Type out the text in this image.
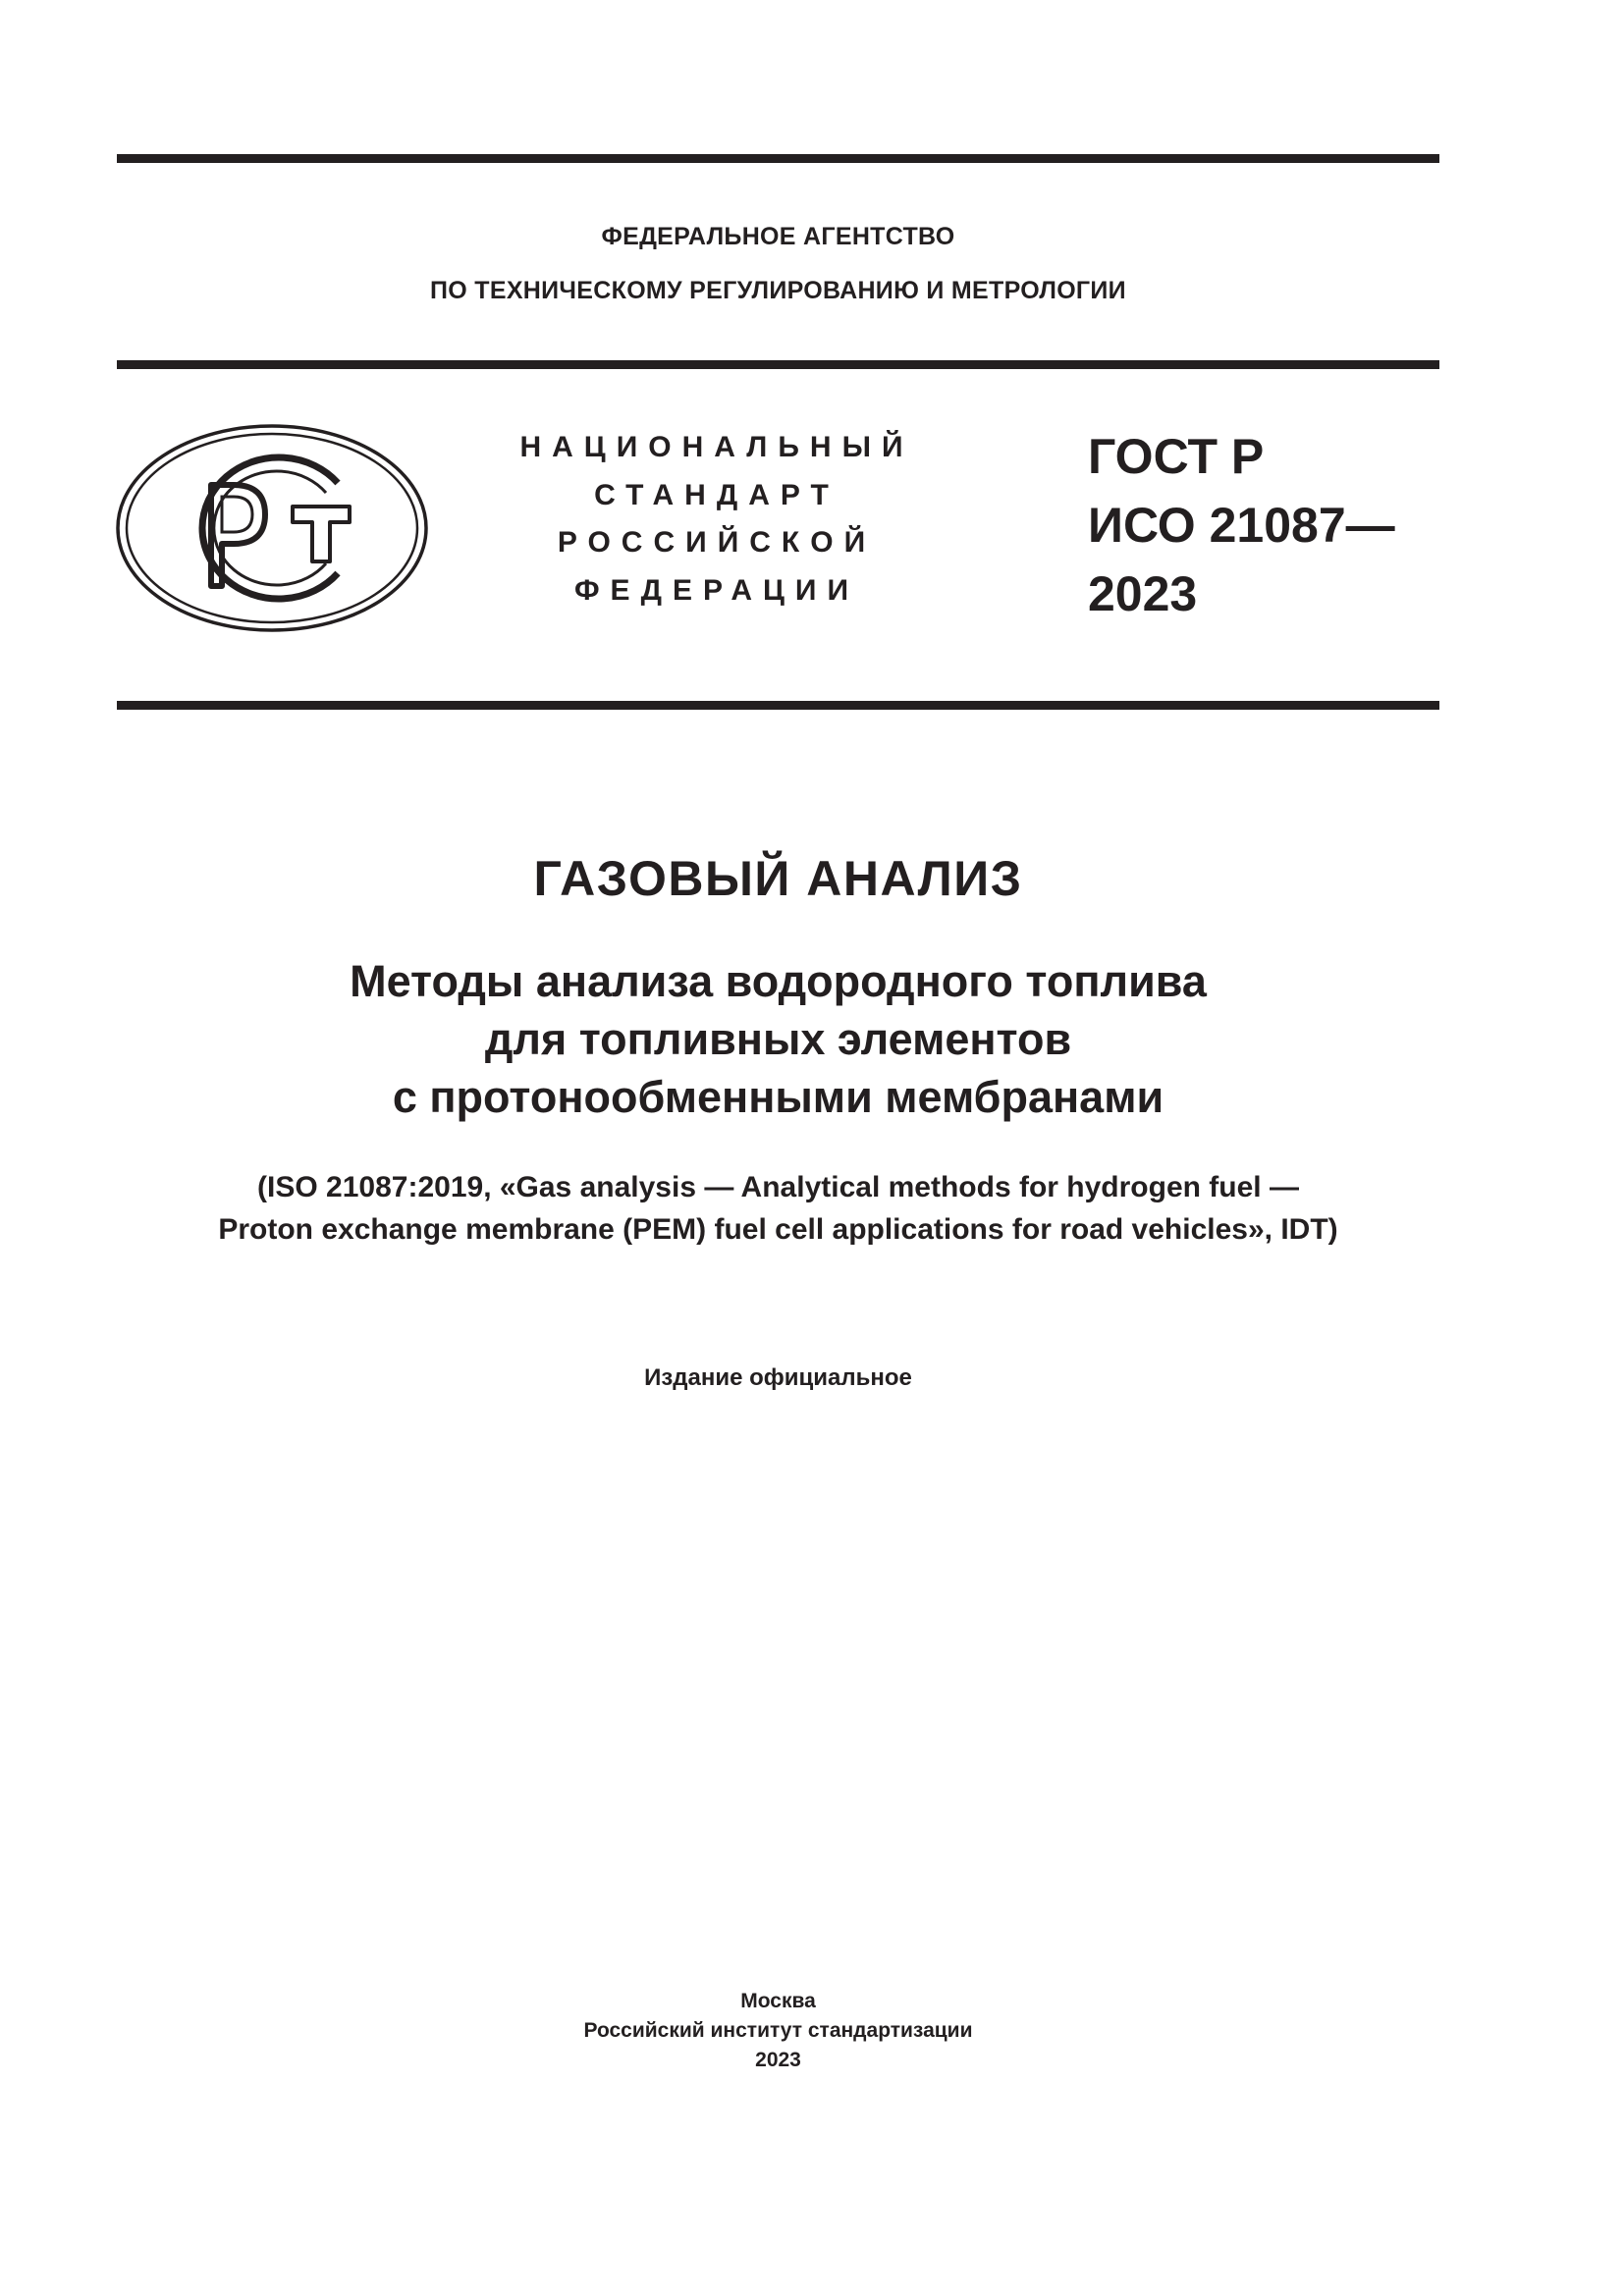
ФЕДЕРАЛЬНОЕ АГЕНТСТВО
ПО ТЕХНИЧЕСКОМУ РЕГУЛИРОВАНИЮ И МЕТРОЛОГИИ
НАЦИОНАЛЬНЫЙ
СТАНДАРТ
РОССИЙСКОЙ
ФЕДЕРАЦИИ
ГОСТ Р
ИСО 21087—
2023
ГАЗОВЫЙ АНАЛИЗ
Методы анализа водородного топлива
для топливных элементов
с протонообменными мембранами
(ISO 21087:2019, «Gas analysis — Analytical methods for hydrogen fuel —
Proton exchange membrane (PEM) fuel cell applications for road vehicles», IDT)
Издание официальное
Москва
Российский институт стандартизации
2023
